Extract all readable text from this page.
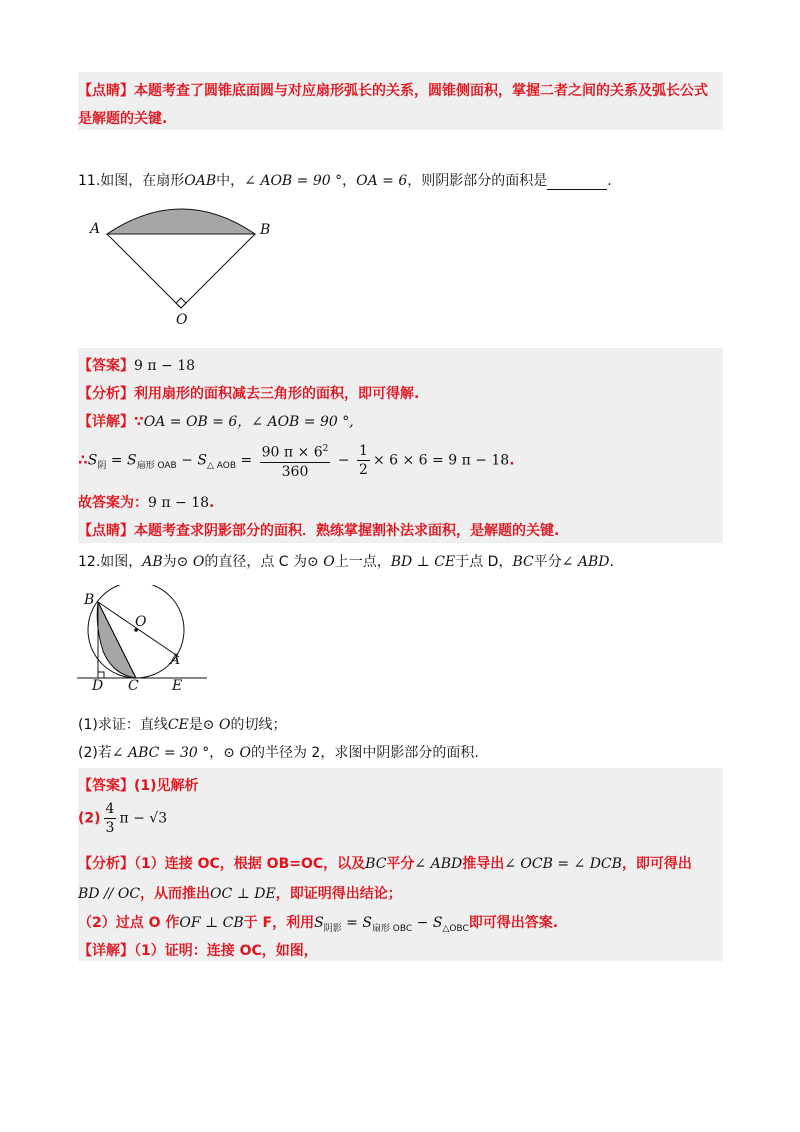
【点睛】本题考查了圆锥底面圆与对应扇形弧长的关系，圆锥侧面积，掌握二者之间的关系及弧长公式
是解题的关键.
11.如图，在扇形OAB中，∠ AOB = 90 °，OA = 6，则阴影部分的面积是	.
A	B
O
【答案】9 π − 18
【分析】利用扇形的面积减去三角形的面积，即可得解.
【详解】∵OA = OB = 6，∠ AOB = 90 °,
$\therefore S_阴 = S_{扇形 OAB} - S_{\triangle AOB} = \frac{90 \pi \times 6^2}{360} - \frac{1}{2} \times 6 \times 6 = 9$ π − 18.
故答案为：9 π − 18.
【点睛】本题考查求阴影部分的面积．熟练掌握割补法求面积，是解题的关键.
12.如图，AB为⊙ O的直径，点 C 为⊙ O上一点，BD ⊥ CE于点 D，BC平分∠ ABD.
B
O
A
D C E
(1)求证：直线CE是⊙ O的切线；
(2)若∠ ABC = 30 °，⊙ O的半径为 2，求图中阴影部分的面积.
【答案】(1)见解析
$(2) \frac{4}{3}$ π − √3
【分析】（1）连接 OC，根据 OB=OC，以及BC平分∠ ABD推导出∠ OCB = ∠ DCB，即可得出
BD // OC，从而推出OC ⊥ DE，即证明得出结论；
（2）过点 O 作OF ⊥ CB于 F，利用$S_{阴影} = S_{扇形 OBC} - S_{\triangle OBC}$即可得出答案.
【详解】（1）证明：连接 OC，如图，
